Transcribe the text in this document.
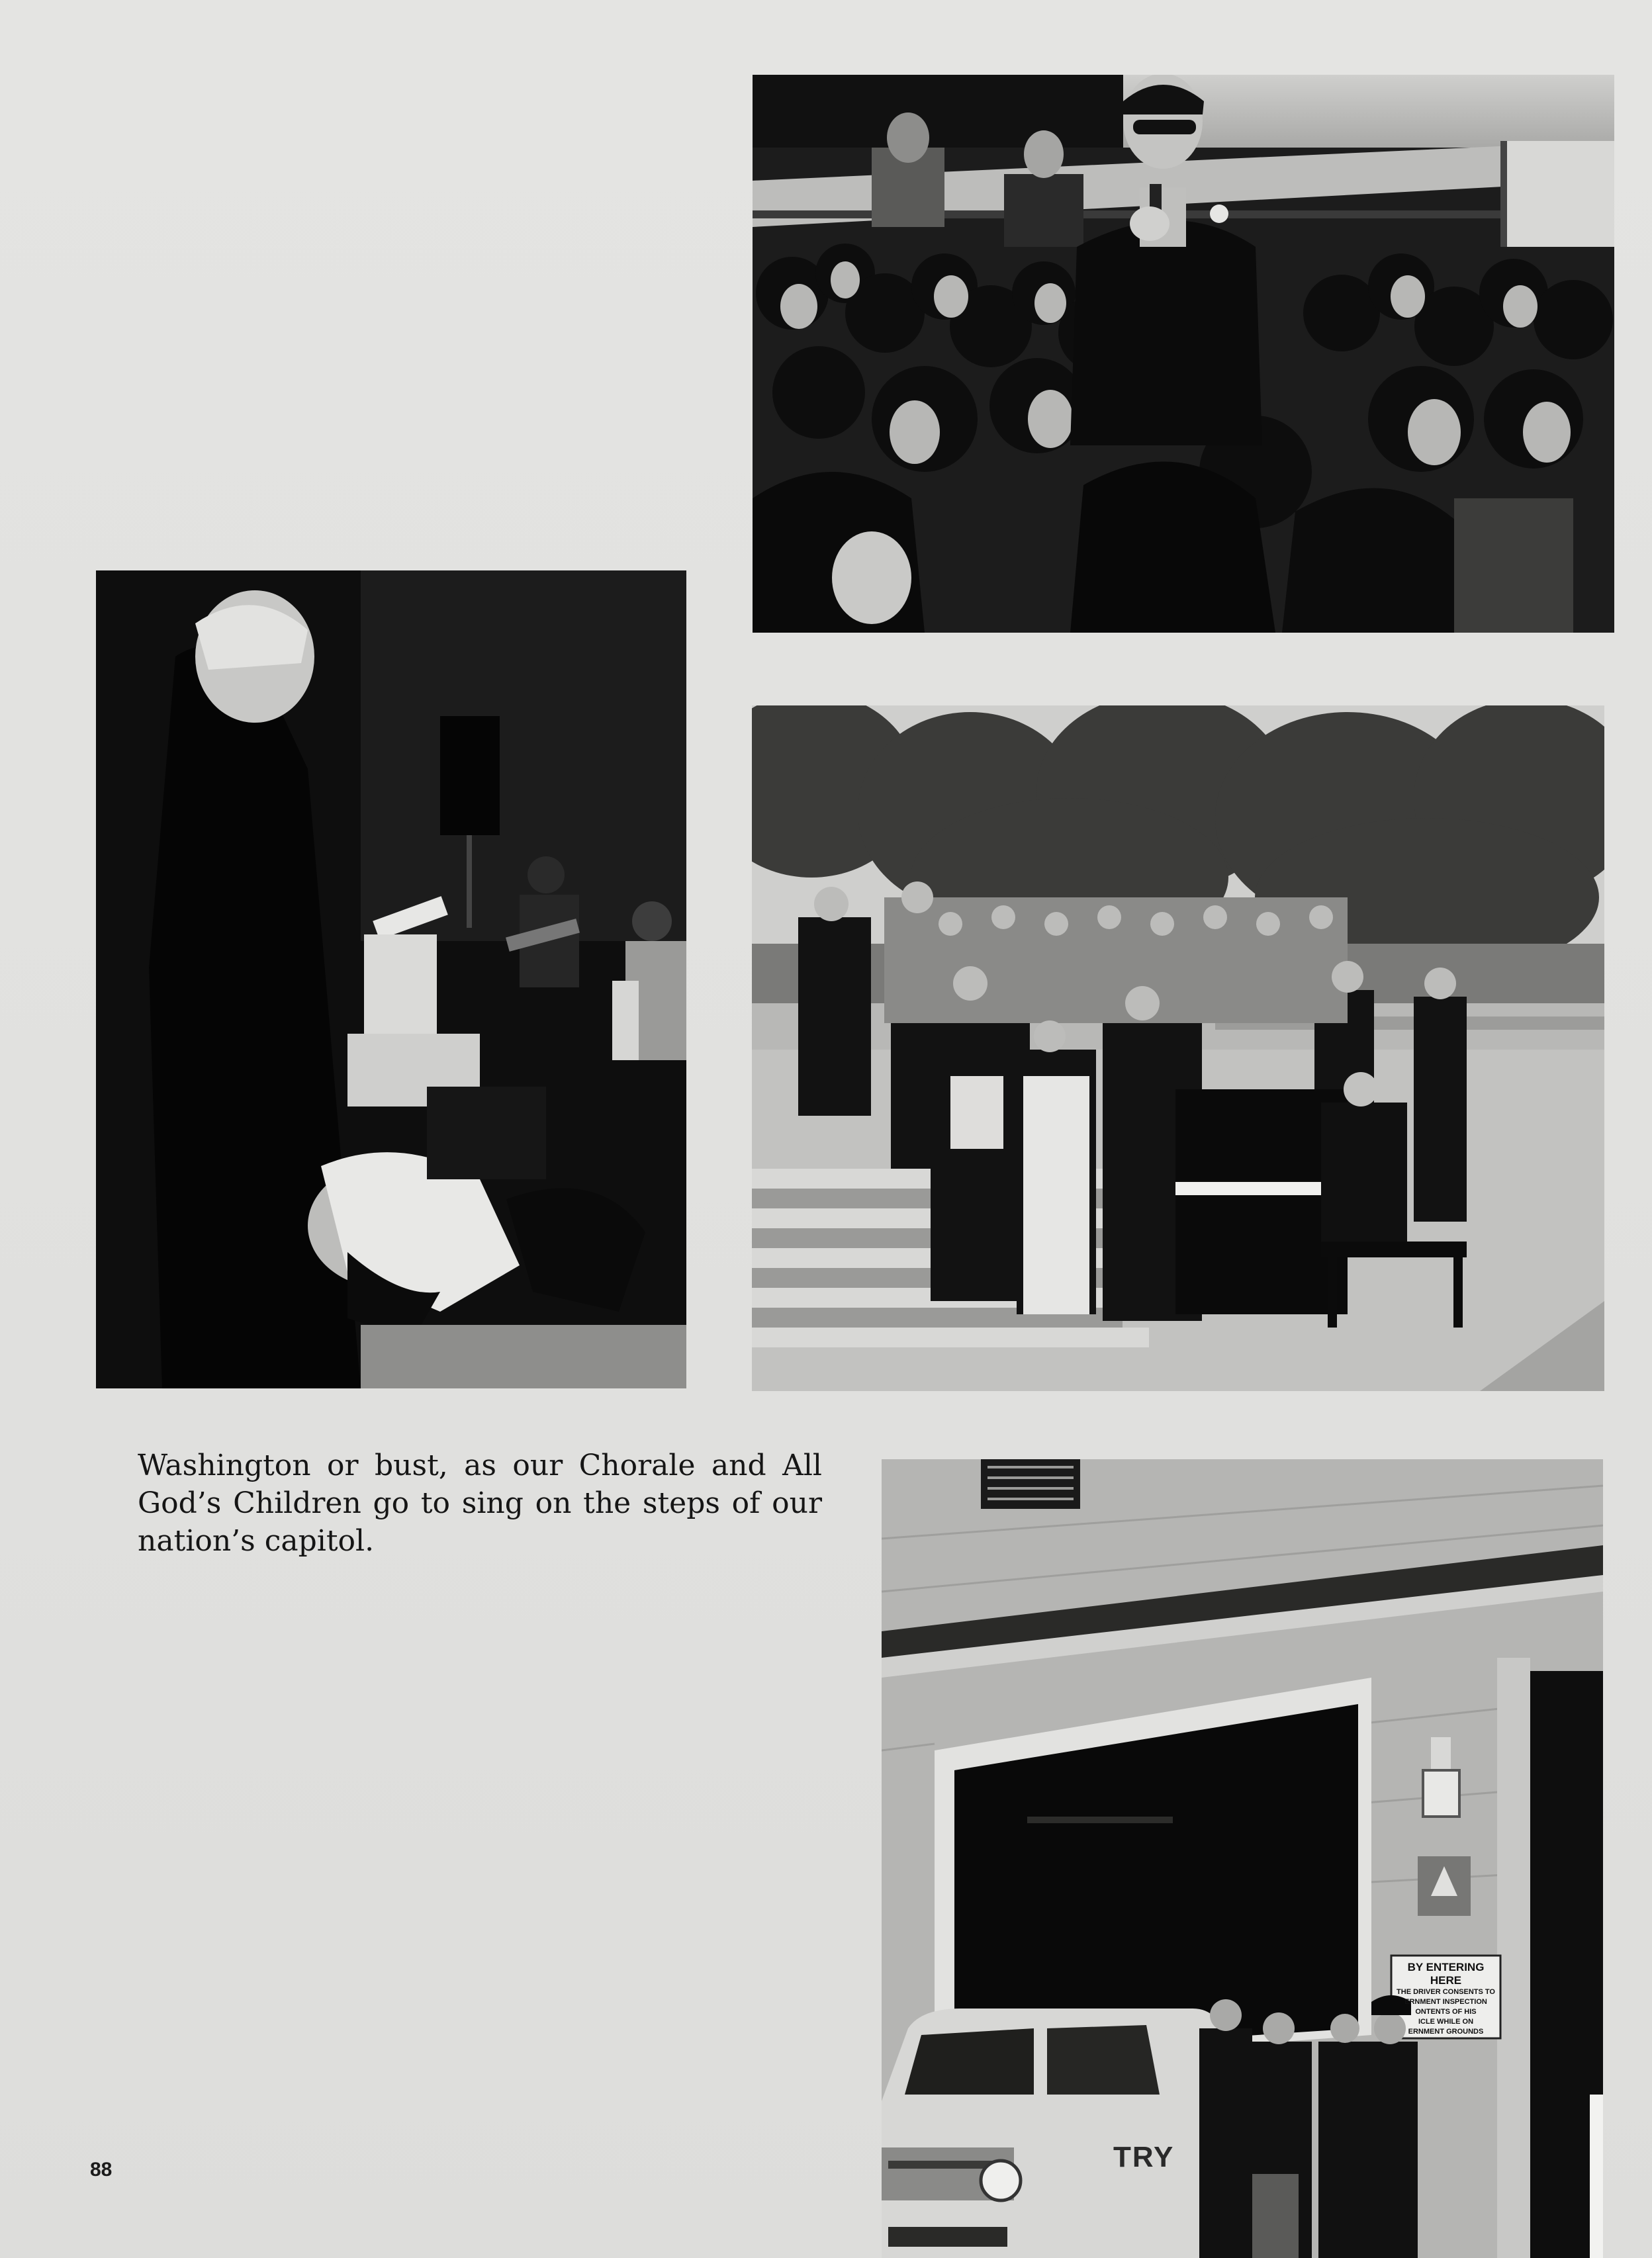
BY ENTERING HERE
THE DRIVER CONSENTS TO
ERNMENT INSPECTION
ONTENTS OF HIS
ICLE WHILE ON
ERNMENT GROUNDS
TRY

Washington or bust, as our Chorale and All God’s Children go to sing on the steps of our nation’s capitol.

88
